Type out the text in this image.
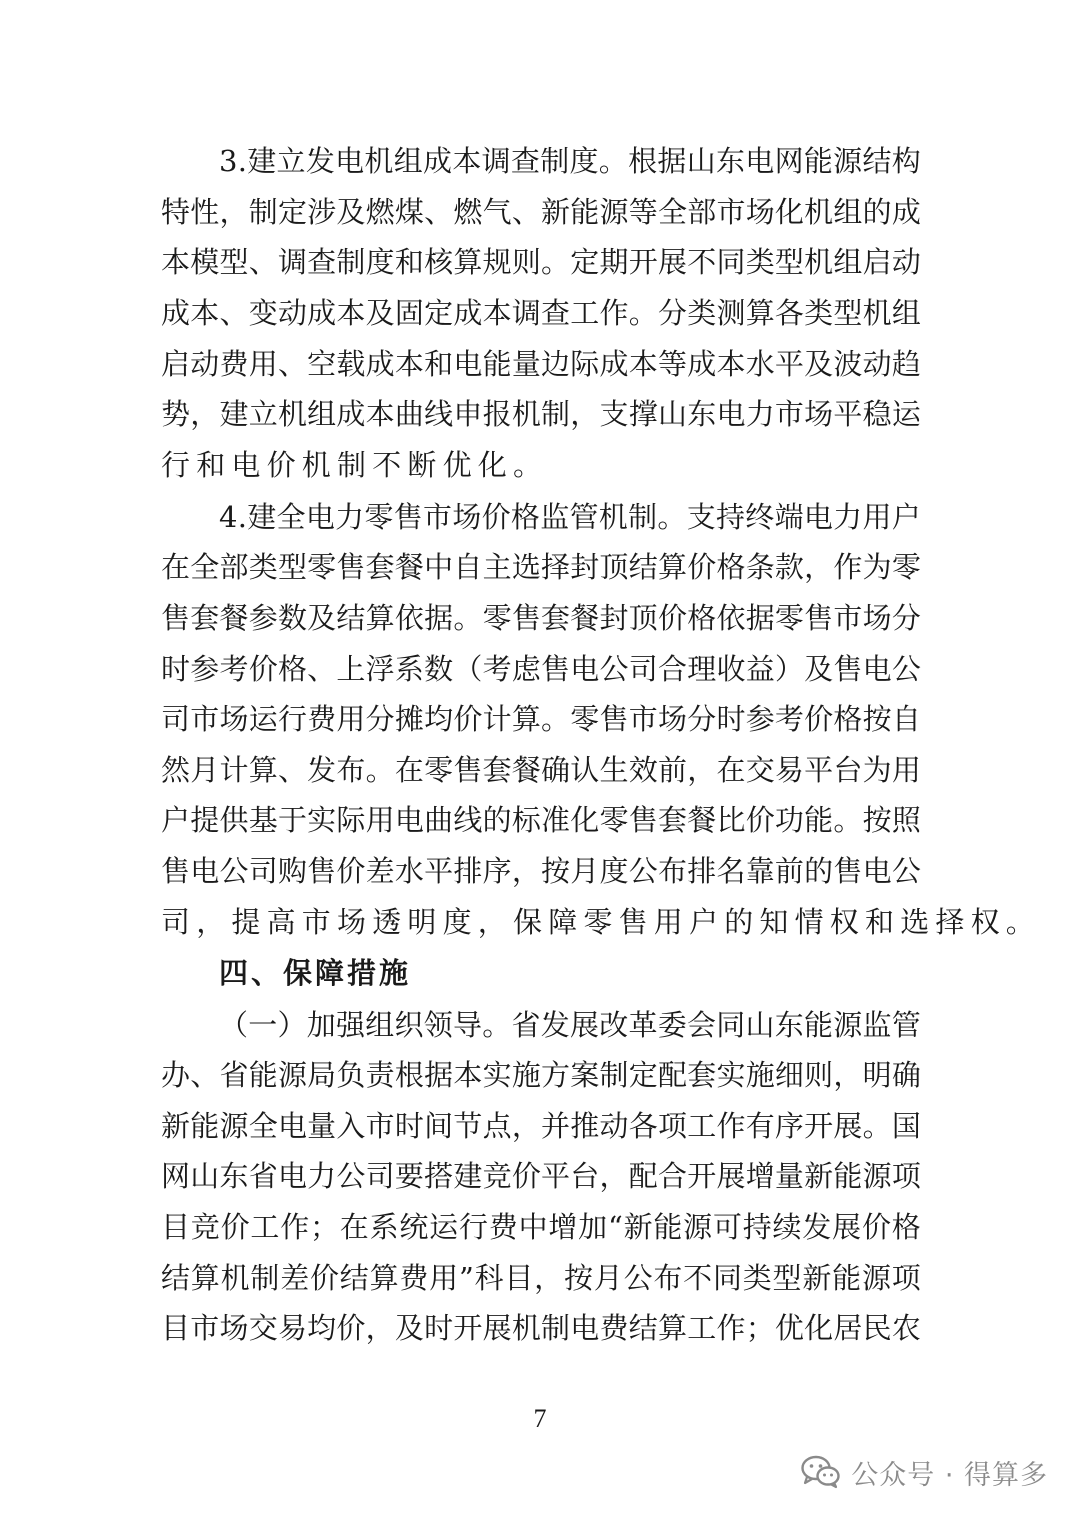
3 . 建 立 发 电 机 组 成 本 调 查 制 度 。 根 据 山 东 电 网 能 源 结 构
特 性 ， 制 定 涉 及 燃 煤 、 燃 气 、 新 能 源 等 全 部 市 场 化 机 组 的 成
本 模 型 、 调 查 制 度 和 核 算 规 则 。 定 期 开 展 不 同 类 型 机 组 启 动
成 本 、 变 动 成 本 及 固 定 成 本 调 查 工 作 。 分 类 测 算 各 类 型 机 组
启 动 费 用 、 空 载 成 本 和 电 能 量 边 际 成 本 等 成 本 水 平 及 波 动 趋
势 ， 建 立 机 组 成 本 曲 线 申 报 机 制 ， 支 撑 山 东 电 力 市 场 平 稳 运
行和电价机制不断优化。
4 . 建 全 电 力 零 售 市 场 价 格 监 管 机 制 。 支 持 终 端 电 力 用 户
在 全 部 类 型 零 售 套 餐 中 自 主 选 择 封 顶 结 算 价 格 条 款 ， 作 为 零
售 套 餐 参 数 及 结 算 依 据 。 零 售 套 餐 封 顶 价 格 依 据 零 售 市 场 分
时 参 考 价 格 、 上 浮 系 数 （ 考 虑 售 电 公 司 合 理 收 益 ） 及 售 电 公
司 市 场 运 行 费 用 分 摊 均 价 计 算 。 零 售 市 场 分 时 参 考 价 格 按 自
然 月 计 算 、 发 布 。 在 零 售 套 餐 确 认 生 效 前 ， 在 交 易 平 台 为 用
户 提 供 基 于 实 际 用 电 曲 线 的 标 准 化 零 售 套 餐 比 价 功 能 。 按 照
售 电 公 司 购 售 价 差 水 平 排 序 ， 按 月 度 公 布 排 名 靠 前 的 售 电 公
司，提高市场透明度，保障零售用户的知情权和选择权。
四、保障措施
（ 一 ） 加 强 组 织 领 导 。 省 发 展 改 革 委 会 同 山 东 能 源 监 管
办 、 省 能 源 局 负 责 根 据 本 实 施 方 案 制 定 配 套 实 施 细 则 ， 明 确
新 能 源 全 电 量 入 市 时 间 节 点 ， 并 推 动 各 项 工 作 有 序 开 展 。 国
网 山 东 省 电 力 公 司 要 搭 建 竞 价 平 台 ， 配 合 开 展 增 量 新 能 源 项
目 竞 价 工 作 ； 在 系 统 运 行 费 中 增 加 “ 新 能 源 可 持 续 发 展 价 格
结 算 机 制 差 价 结 算 费 用 ” 科 目 ， 按 月 公 布 不 同 类 型 新 能 源 项
目 市 场 交 易 均 价 ， 及 时 开 展 机 制 电 费 结 算 工 作 ； 优 化 居 民 农
7
公众号 · 得算多
